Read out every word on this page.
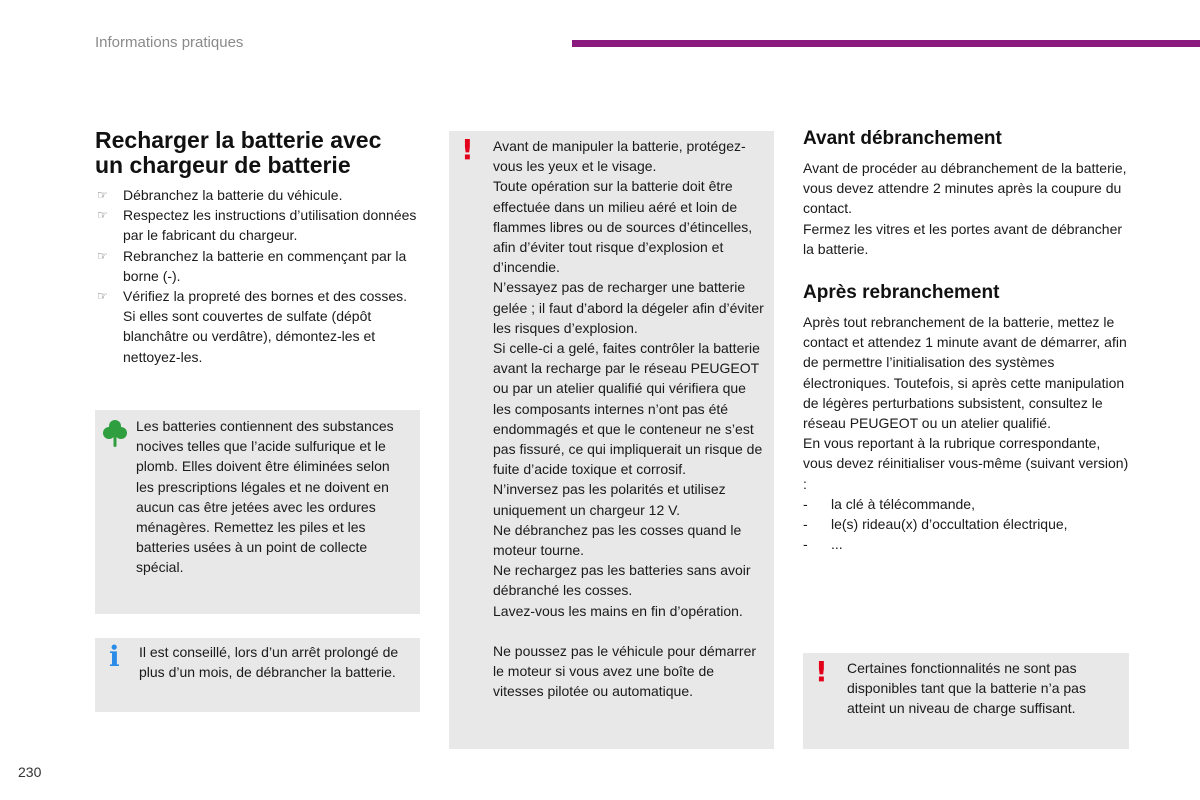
Informations pratiques
Recharger la batterie avec
un chargeur de batterie
☞ Débranchez la batterie du véhicule.
☞ Respectez les instructions d’utilisation données par le fabricant du chargeur.
☞ Rebranchez la batterie en commençant par la borne (-).
☞ Vérifiez la propreté des bornes et des cosses. Si elles sont couvertes de sulfate (dépôt blanchâtre ou verdâtre), démontez-les et nettoyez-les.

Les batteries contiennent des substances nocives telles que l’acide sulfurique et le plomb. Elles doivent être éliminées selon les prescriptions légales et ne doivent en aucun cas être jetées avec les ordures ménagères. Remettez les piles et les batteries usées à un point de collecte spécial.

i Il est conseillé, lors d’un arrêt prolongé de plus d’un mois, de débrancher la batterie.

! Avant de manipuler la batterie, protégez-vous les yeux et le visage.

Toute opération sur la batterie doit être effectuée dans un milieu aéré et loin de flammes libres ou de sources d’étincelles, afin d’éviter tout risque d’explosion et d’incendie.

N’essayez pas de recharger une batterie gelée ; il faut d’abord la dégeler afin d’éviter les risques d’explosion.

Si celle-ci a gelé, faites contrôler la batterie avant la recharge par le réseau PEUGEOT ou par un atelier qualifié qui vérifiera que les composants internes n’ont pas été endommagés et que le conteneur ne s’est pas fissuré, ce qui impliquerait un risque de fuite d’acide toxique et corrosif.

N’inversez pas les polarités et utilisez uniquement un chargeur 12 V.

Ne débranchez pas les cosses quand le moteur tourne.

Ne rechargez pas les batteries sans avoir débranché les cosses.

Lavez-vous les mains en fin d’opération.

Ne poussez pas le véhicule pour démarrer le moteur si vous avez une boîte de vitesses pilotée ou automatique.

Avant débranchement

Avant de procéder au débranchement de la batterie, vous devez attendre 2 minutes après la coupure du contact.

Fermez les vitres et les portes avant de débrancher la batterie.

Après rebranchement

Après tout rebranchement de la batterie, mettez le contact et attendez 1 minute avant de démarrer, afin de permettre l’initialisation des systèmes électroniques. Toutefois, si après cette manipulation de légères perturbations subsistent, consultez le réseau PEUGEOT ou un atelier qualifié.

En vous reportant à la rubrique correspondante, vous devez réinitialiser vous-même (suivant version) :

- la clé à télécommande,
- le(s) rideau(x) d’occultation électrique,
- ...
! Certaines fonctionnalités ne sont pas disponibles tant que la batterie n’a pas atteint un niveau de charge suffisant.

230
